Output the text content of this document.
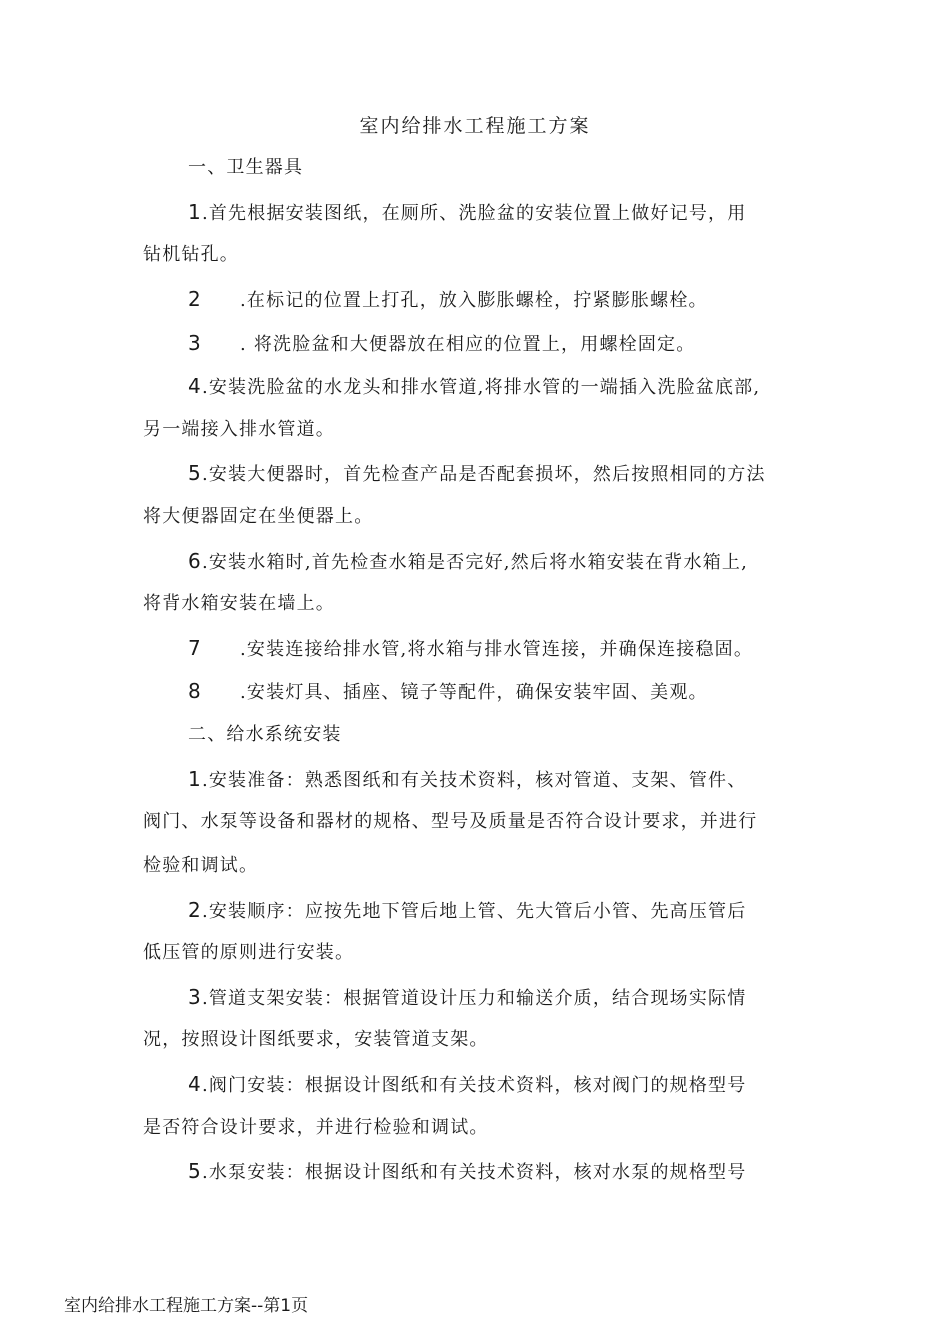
室内给排水工程施工方案
一、卫生器具
1.首先根据安装图纸，在厕所、洗脸盆的安装位置上做好记号，用
钻机钻孔。
2 .在标记的位置上打孔，放入膨胀螺栓，拧紧膨胀螺栓。
3 . 将洗脸盆和大便器放在相应的位置上，用螺栓固定。
4.安装洗脸盆的水龙头和排水管道,将排水管的一端插入洗脸盆底部,
另一端接入排水管道。
5.安装大便器时，首先检查产品是否配套损坏，然后按照相同的方法
将大便器固定在坐便器上。
6.安装水箱时,首先检查水箱是否完好,然后将水箱安装在背水箱上,
将背水箱安装在墙上。
7 .安装连接给排水管,将水箱与排水管连接，并确保连接稳固。
8 .安装灯具、插座、镜子等配件，确保安装牢固、美观。
二、给水系统安装
1.安装准备：熟悉图纸和有关技术资料，核对管道、支架、管件、
阀门、水泵等设备和器材的规格、型号及质量是否符合设计要求，并进行
检验和调试。
2.安装顺序：应按先地下管后地上管、先大管后小管、先高压管后
低压管的原则进行安装。
3.管道支架安装：根据管道设计压力和输送介质，结合现场实际情
况，按照设计图纸要求，安装管道支架。
4.阀门安装：根据设计图纸和有关技术资料，核对阀门的规格型号
是否符合设计要求，并进行检验和调试。
5.水泵安装：根据设计图纸和有关技术资料，核对水泵的规格型号
室内给排水工程施工方案--第1页
